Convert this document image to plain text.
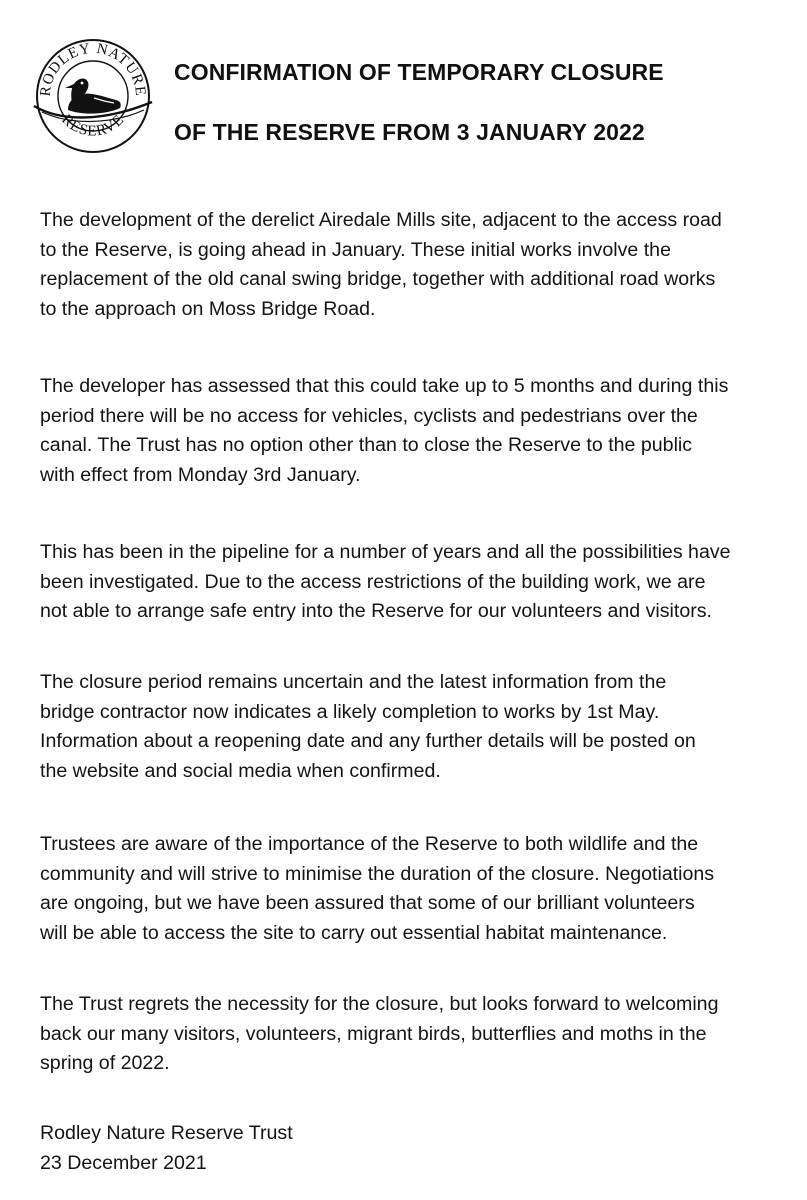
RODLEY NATURE
RESERVE
CONFIRMATION OF TEMPORARY CLOSURE
OF THE RESERVE FROM 3 JANUARY 2022
The development of the derelict Airedale Mills site, adjacent to the access road
to the Reserve, is going ahead in January. These initial works involve the
replacement of the old canal swing bridge, together with additional road works
to the approach on Moss Bridge Road.
The developer has assessed that this could take up to 5 months and during this
period there will be no access for vehicles, cyclists and pedestrians over the
canal. The Trust has no option other than to close the Reserve to the public
with effect from Monday 3rd January.
This has been in the pipeline for a number of years and all the possibilities have
been investigated. Due to the access restrictions of the building work, we are
not able to arrange safe entry into the Reserve for our volunteers and visitors.
The closure period remains uncertain and the latest information from the
bridge contractor now indicates a likely completion to works by 1st May.
Information about a reopening date and any further details will be posted on
the website and social media when confirmed.
Trustees are aware of the importance of the Reserve to both wildlife and the
community and will strive to minimise the duration of the closure. Negotiations
are ongoing, but we have been assured that some of our brilliant volunteers
will be able to access the site to carry out essential habitat maintenance.
The Trust regrets the necessity for the closure, but looks forward to welcoming
back our many visitors, volunteers, migrant birds, butterflies and moths in the
spring of 2022.
Rodley Nature Reserve Trust
23 December 2021
